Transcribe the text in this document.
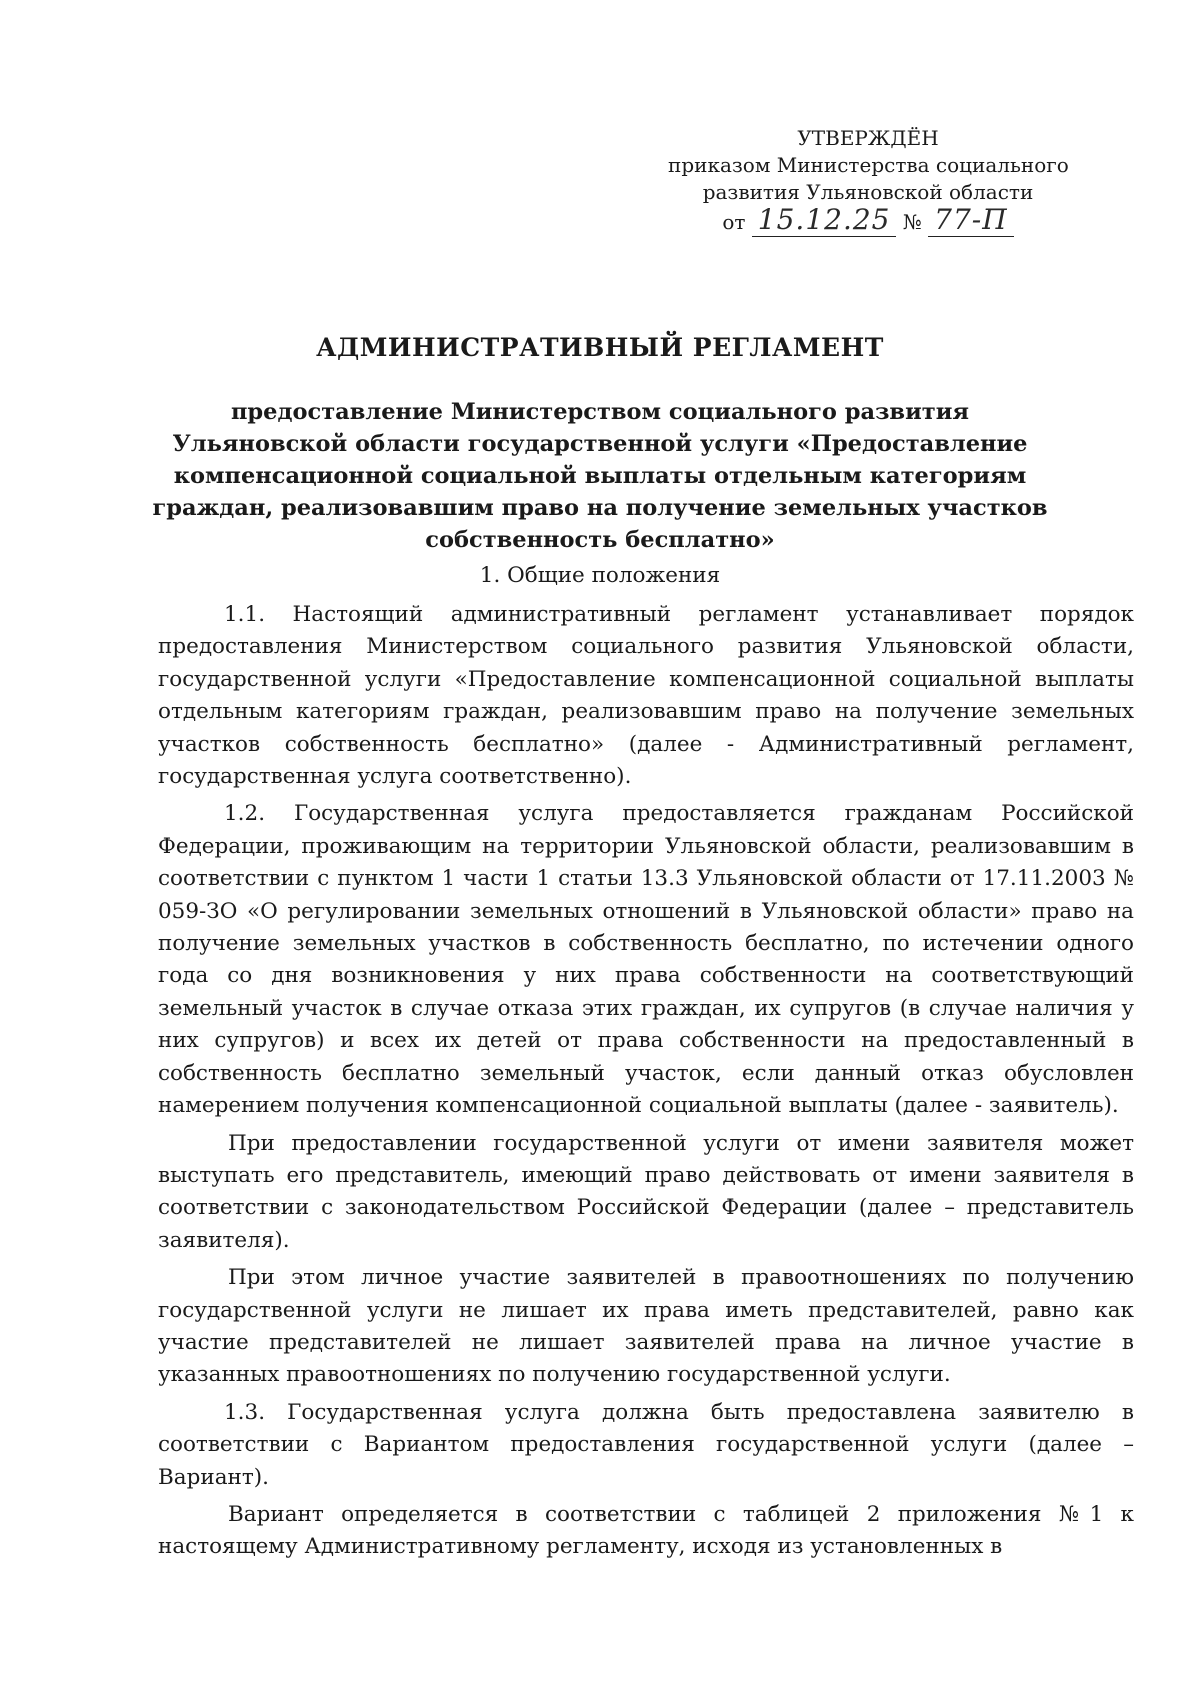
УТВЕРЖДЁН
приказом Министерства социального
развития Ульяновской области
от 15.12.25 № 77-П
АДМИНИСТРАТИВНЫЙ РЕГЛАМЕНТ
предоставление Министерством социального развития Ульяновской области государственной услуги «Предоставление компенсационной социальной выплаты отдельным категориям граждан, реализовавшим право на получение земельных участков собственность бесплатно»
1. Общие положения

1.1. Настоящий административный регламент устанавливает порядок предоставления Министерством социального развития Ульяновской области, государственной услуги «Предоставление компенсационной социальной выплаты отдельным категориям граждан, реализовавшим право на получение земельных участков собственность бесплатно» (далее - Административный регламент, государственная услуга соответственно).

1.2. Государственная услуга предоставляется гражданам Российской Федерации, проживающим на территории Ульяновской области, реализовавшим в соответствии с пунктом 1 части 1 статьи 13.3 Ульяновской области от 17.11.2003 № 059-ЗО «О регулировании земельных отношений в Ульяновской области» право на получение земельных участков в собственность бесплатно, по истечении одного года со дня возникновения у них права собственности на соответствующий земельный участок в случае отказа этих граждан, их супругов (в случае наличия у них супругов) и всех их детей от права собственности на предоставленный в собственность бесплатно земельный участок, если данный отказ обусловлен намерением получения компенсационной социальной выплаты (далее - заявитель).

При предоставлении государственной услуги от имени заявителя может выступать его представитель, имеющий право действовать от имени заявителя в соответствии с законодательством Российской Федерации (далее – представитель заявителя).

При этом личное участие заявителей в правоотношениях по получению государственной услуги не лишает их права иметь представителей, равно как участие представителей не лишает заявителей права на личное участие в указанных правоотношениях по получению государственной услуги.

1.3. Государственная услуга должна быть предоставлена заявителю в соответствии с Вариантом предоставления государственной услуги (далее – Вариант).

Вариант определяется в соответствии с таблицей 2 приложения №1 к настоящему Административному регламенту, исходя из установленных в
